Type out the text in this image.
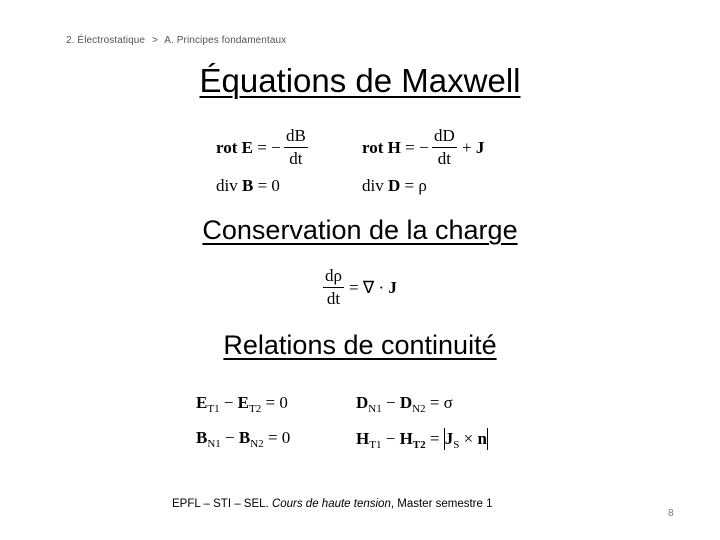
2. Électrostatique > A. Principes fondamentaux
Équations de Maxwell
rot E = − $\frac{dB}{dt}$	rot H = − $\frac{dD}{dt} + J$
div B = 0	div D = ρ
Conservation de la charge
$\frac{d\rho}{dt}$ = ∇ · J
Relations de continuité
$E_{T1} - E_{T2} = 0$	$D_{N1} - D_{N2} = \sigma$
$B_{N1} - B_{N2} = 0$	$H_{T1} - H_{T2} = J_S \times n$
EPFL – STI – SEL. Cours de haute tension, Master semestre 1
8
